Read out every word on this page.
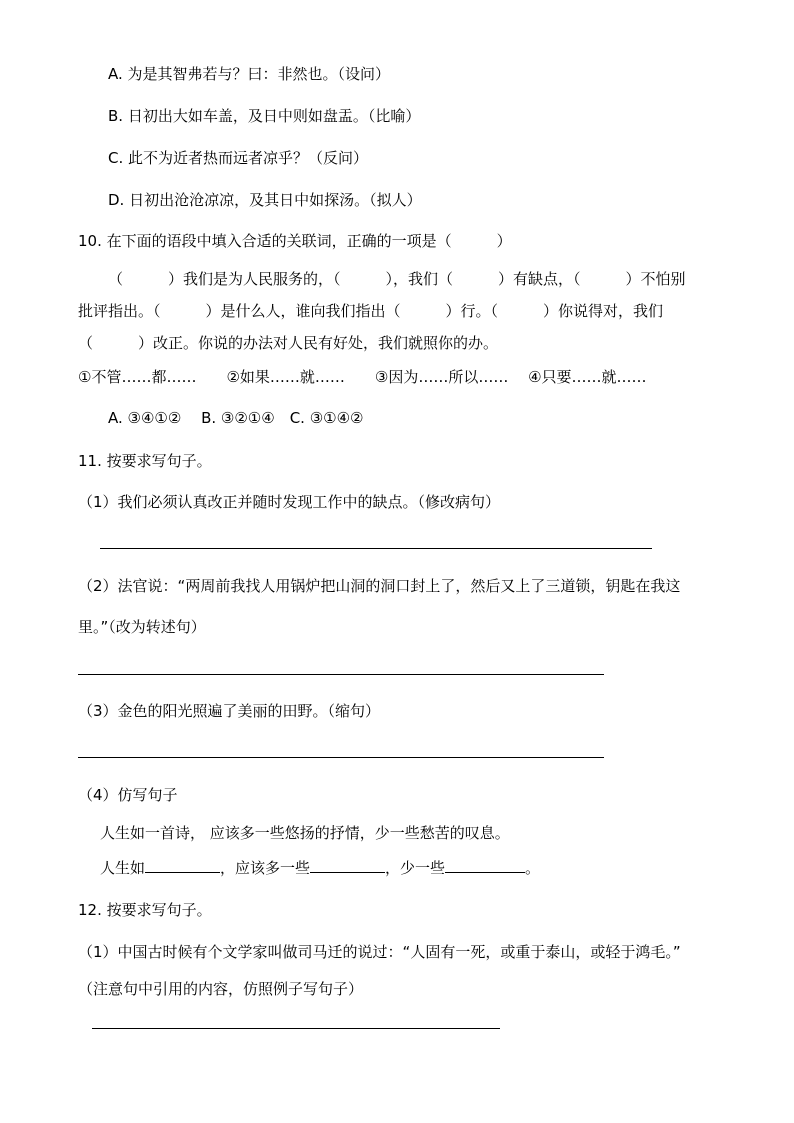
A. 为是其智弗若与？曰：非然也。（设问）
B. 日初出大如车盖，及日中则如盘盂。（比喻）
C. 此不为近者热而远者凉乎？（反问）
D. 日初出沧沧凉凉，及其日中如探汤。（拟人）
10. 在下面的语段中填入合适的关联词，正确的一项是（　　　）
（　　　）我们是为人民服务的，（　　　），我们（　　　）有缺点，（　　　）不怕别
批评指出。（　　　）是什么人，谁向我们指出（　　　）行。（　　　）你说得对，我们
（　　　）改正。你说的办法对人民有好处，我们就照你的办。
①不管……都……　　②如果……就……　　③因为……所以……　 ④只要……就……
A. ③④①②　 B. ③②①④　C. ③①④②
11. 按要求写句子。
（1）我们必须认真改正并随时发现工作中的缺点。（修改病句）
（2）法官说：“两周前我找人用锅炉把山洞的洞口封上了，然后又上了三道锁，钥匙在我这
里。”（改为转述句）
（3）金色的阳光照遍了美丽的田野。（缩句）
（4）仿写句子
人生如一首诗， 应该多一些悠扬的抒情，少一些愁苦的叹息。
人生如	，应该多一些	，少一些	。
12. 按要求写句子。
（1）中国古时候有个文学家叫做司马迁的说过：“人固有一死，或重于泰山，或轻于鸿毛。”
（注意句中引用的内容，仿照例子写句子）
